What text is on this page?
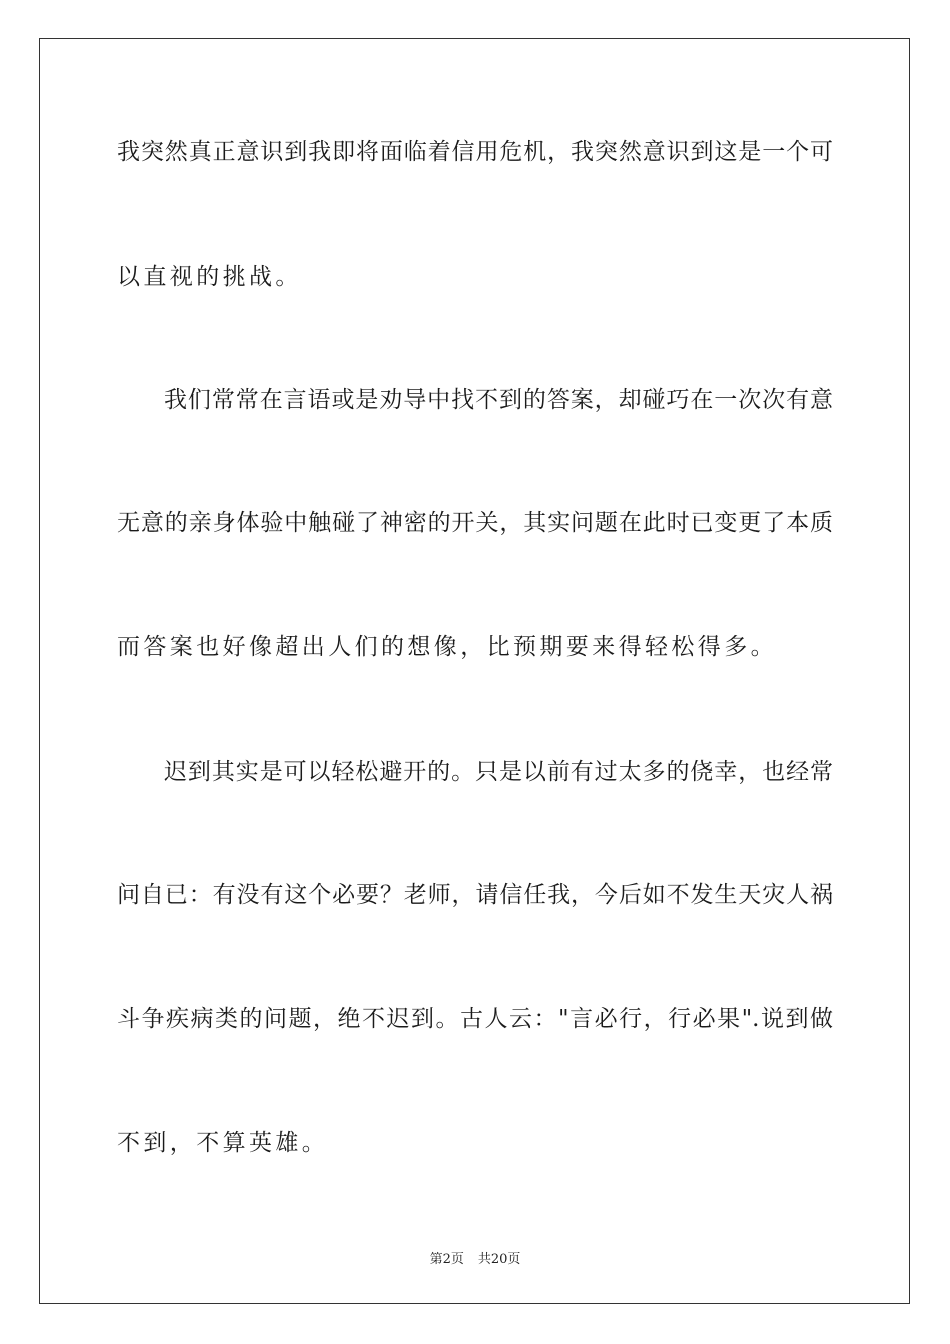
我突然真正意识到我即将面临着信用危机，我突然意识到这是一个可
以直视的挑战。
我们常常在言语或是劝导中找不到的答案，却碰巧在一次次有意
无意的亲身体验中触碰了神密的开关，其实问题在此时已变更了本质
而答案也好像超出人们的想像，比预期要来得轻松得多。
迟到其实是可以轻松避开的。只是以前有过太多的侥幸，也经常
问自已：有没有这个必要？老师，请信任我，今后如不发生天灾人祸
斗争疾病类的问题，绝不迟到。古人云："言必行，行必果".说到做
不到，不算英雄。
第2页 共20页
